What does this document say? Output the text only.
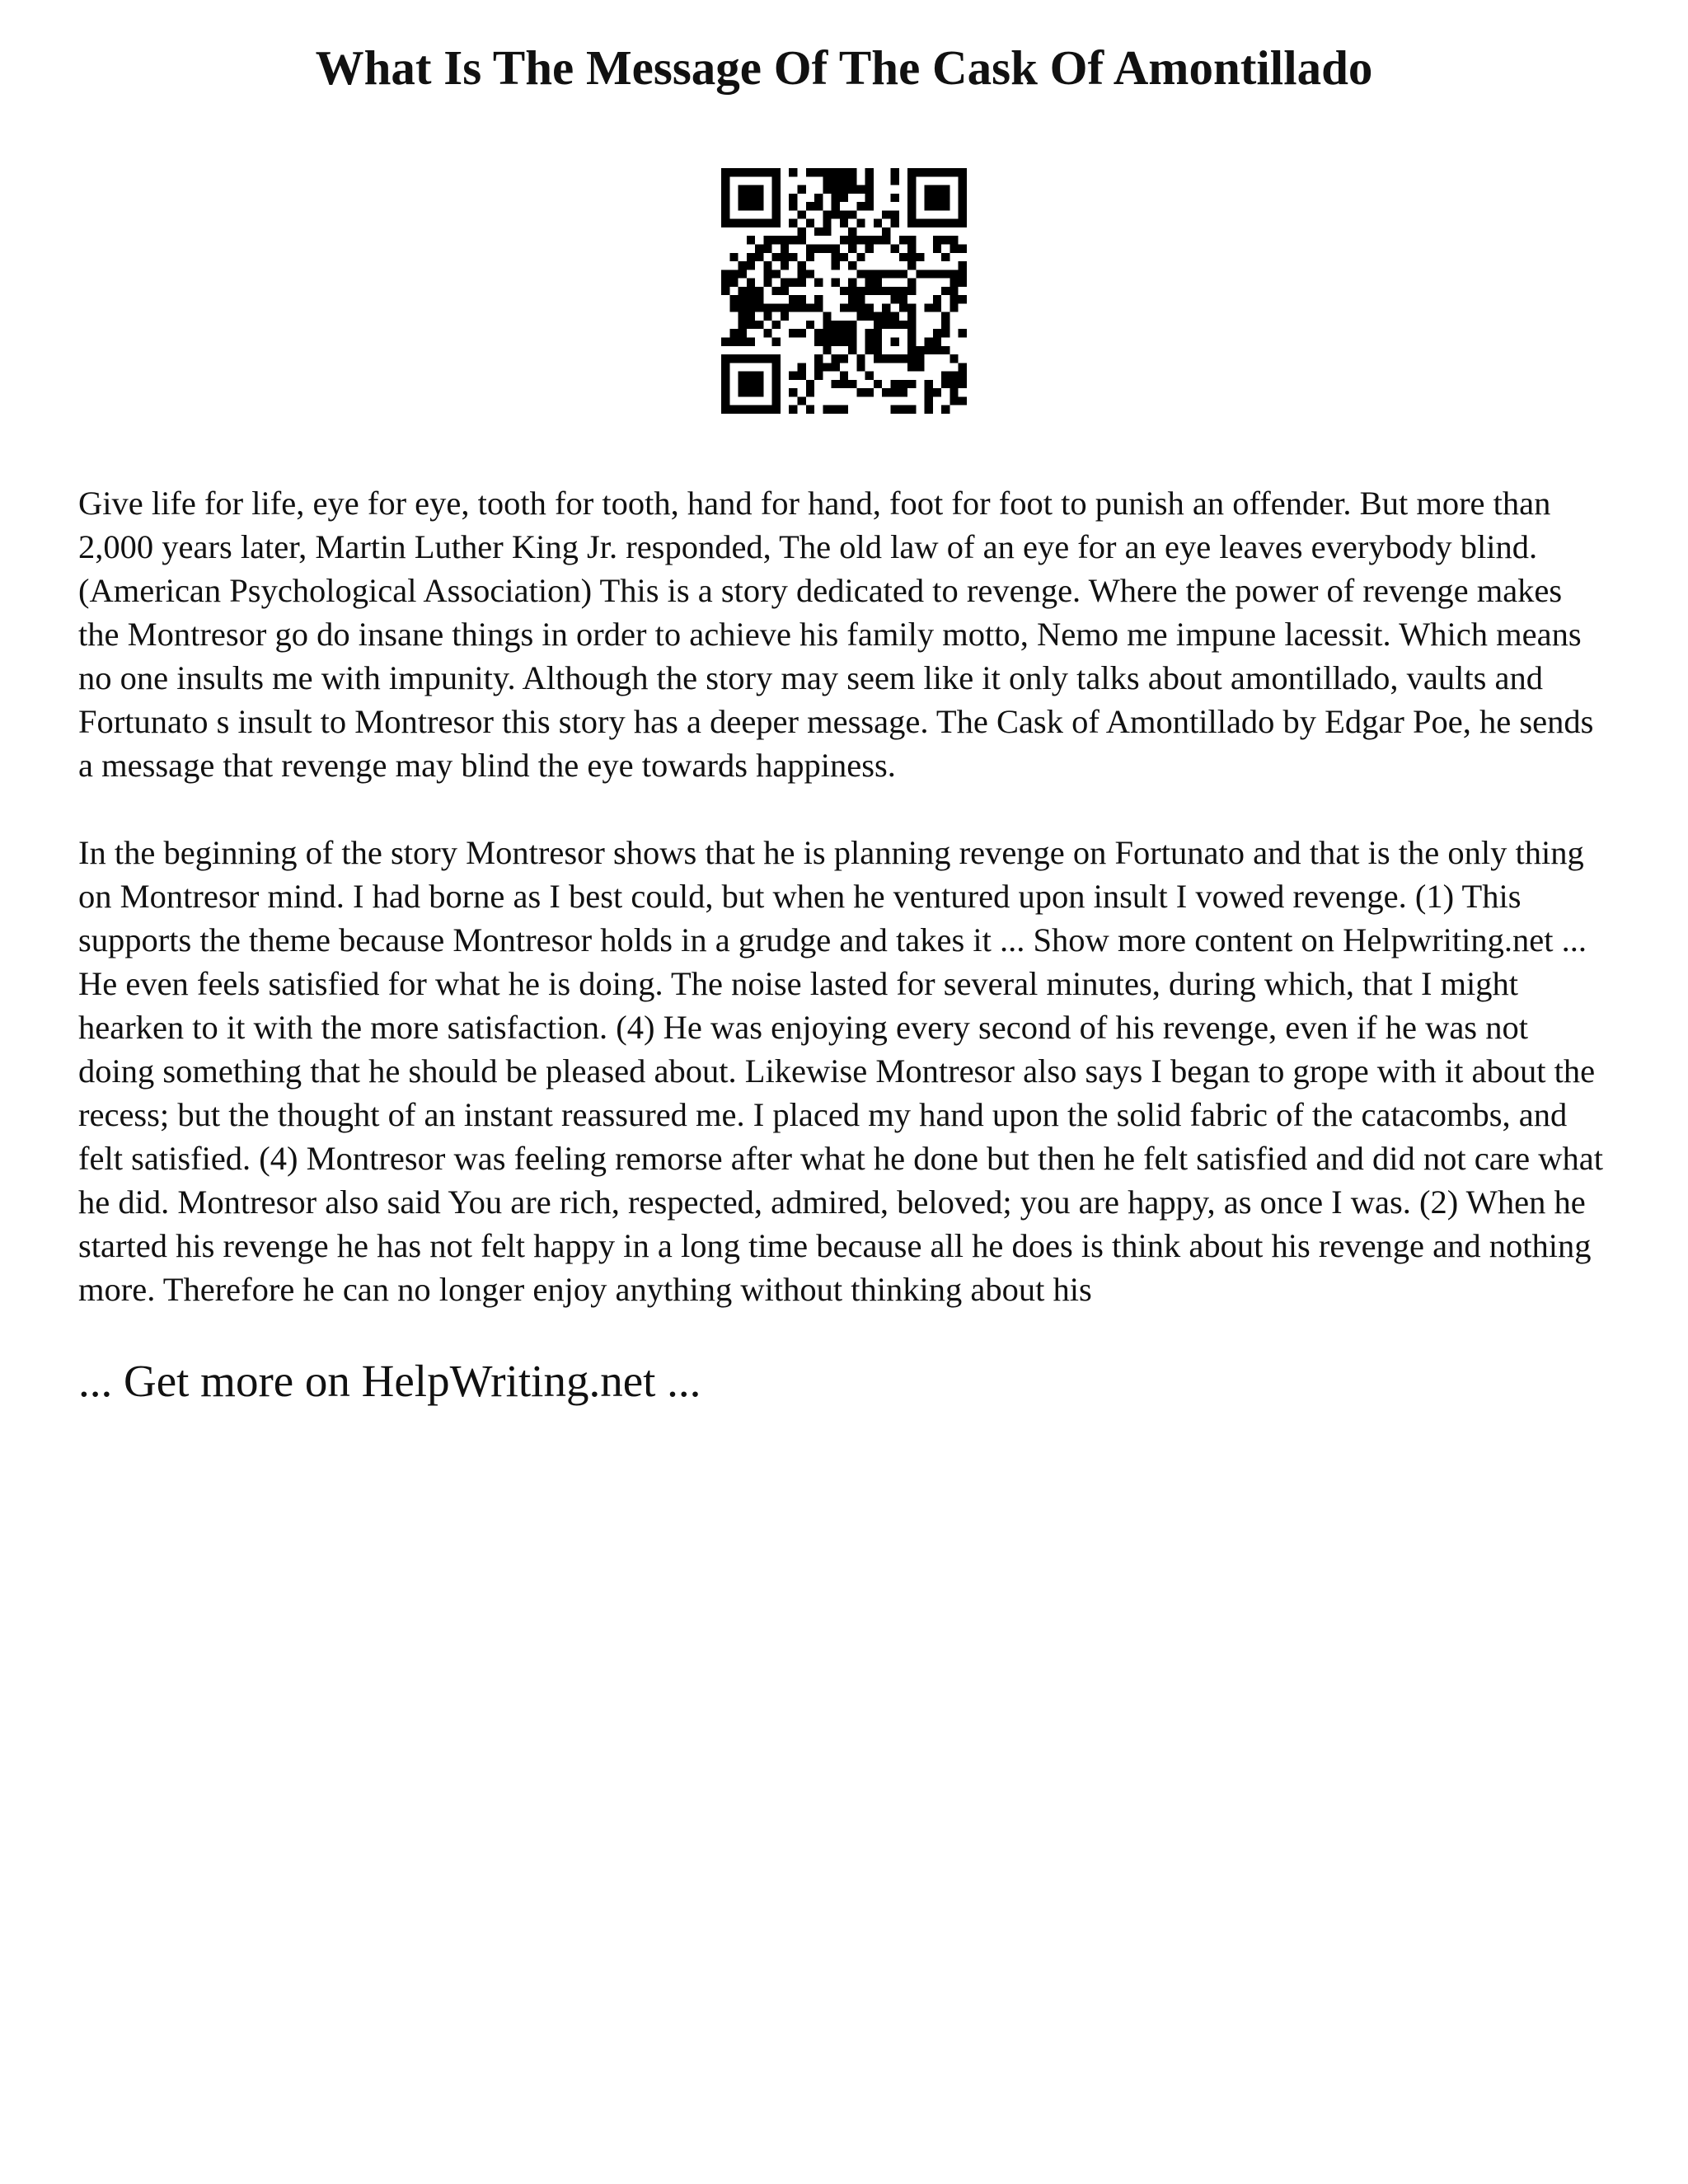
What Is The Message Of The Cask Of Amontillado

Give life for life, eye for eye, tooth for tooth, hand for hand, foot for foot to punish an offender. But more than 2,000 years later, Martin Luther King Jr. responded, The old law of an eye for an eye leaves everybody blind. (American Psychological Association) This is a story dedicated to revenge. Where the power of revenge makes the Montresor go do insane things in order to achieve his family motto, Nemo me impune lacessit. Which means no one insults me with impunity. Although the story may seem like it only talks about amontillado, vaults and Fortunato s insult to Montresor this story has a deeper message. The Cask of Amontillado by Edgar Poe, he sends a message that revenge may blind the eye towards happiness.

In the beginning of the story Montresor shows that he is planning revenge on Fortunato and that is the only thing on Montresor mind. I had borne as I best could, but when he ventured upon insult I vowed revenge. (1) This supports the theme because Montresor holds in a grudge and takes it ... Show more content on Helpwriting.net ...

He even feels satisfied for what he is doing. The noise lasted for several minutes, during which, that I might hearken to it with the more satisfaction. (4) He was enjoying every second of his revenge, even if he was not doing something that he should be pleased about. Likewise Montresor also says I began to grope with it about the recess; but the thought of an instant reassured me. I placed my hand upon the solid fabric of the catacombs, and felt satisfied. (4) Montresor was feeling remorse after what he done but then he felt satisfied and did not care what he did. Montresor also said You are rich, respected, admired, beloved; you are happy, as once I was. (2) When he started his revenge he has not felt happy in a long time because all he does is think about his revenge and nothing more. Therefore he can no longer enjoy anything without thinking about his

... Get more on HelpWriting.net ...
